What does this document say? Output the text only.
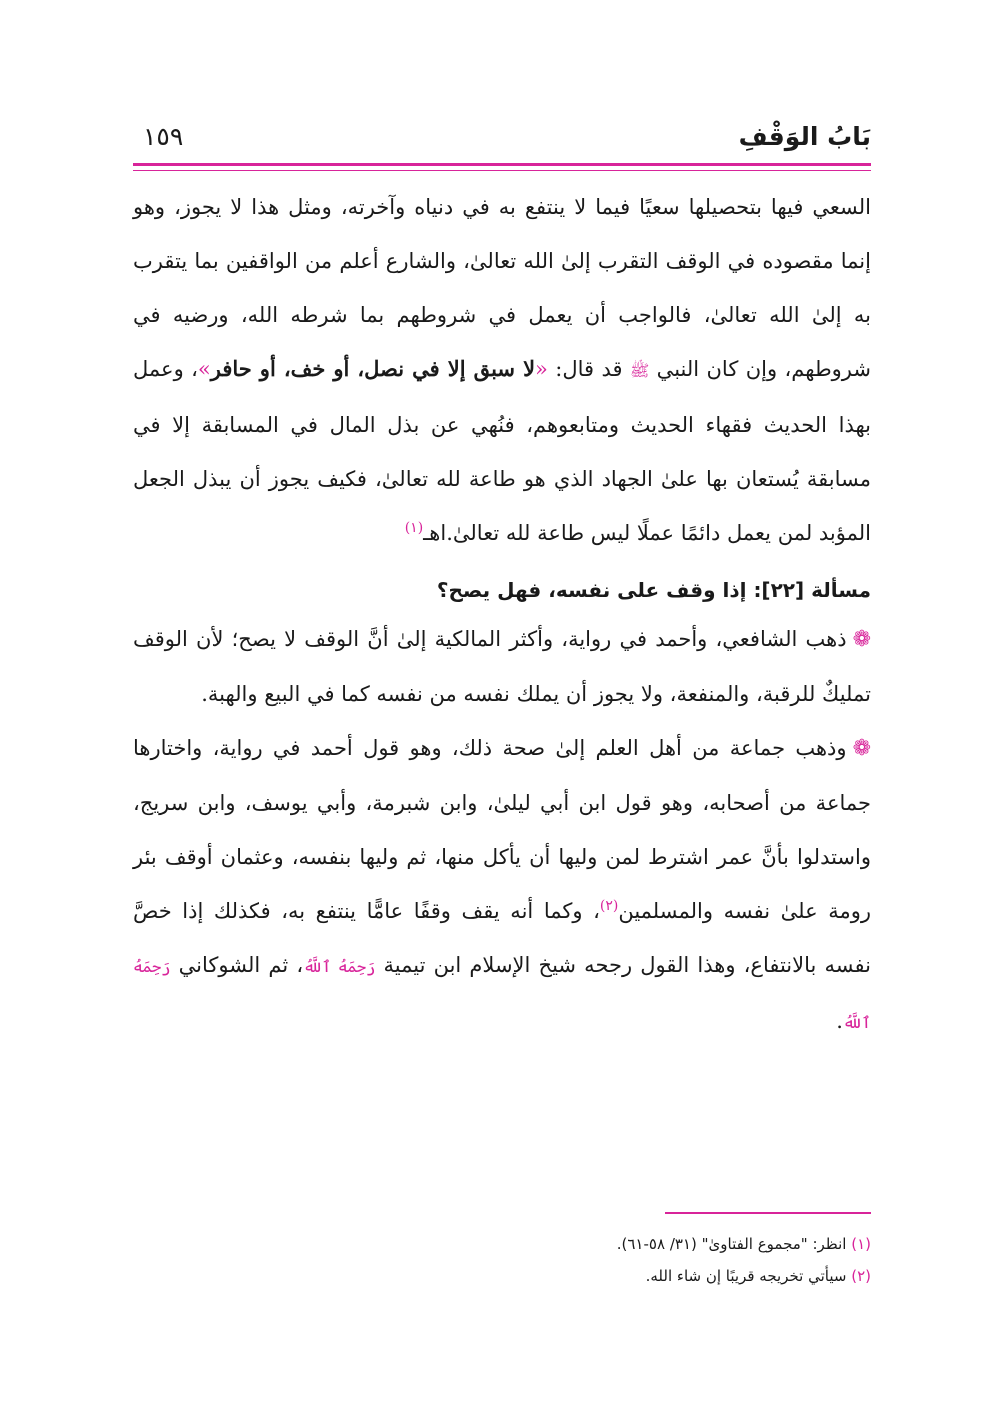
بَابُ الوَقْفِ
١٥٩

السعي فيها بتحصيلها سعيًا فيما لا ينتفع به في دنياه وآخرته، ومثل هذا لا يجوز، وهو إنما مقصوده في الوقف التقرب إلىٰ الله تعالىٰ، والشارع أعلم من الواقفين بما يتقرب به إلىٰ الله تعالىٰ، فالواجب أن يعمل في شروطهم بما شرطه الله، ورضيه في شروطهم، وإن كان النبي ﷺ قد قال: «لا سبق إلا في نصل، أو خف، أو حافر»، وعمل بهذا الحديث فقهاء الحديث ومتابعوهم، فنُهي عن بذل المال في المسابقة إلا في مسابقة يُستعان بها علىٰ الجهاد الذي هو طاعة لله تعالىٰ، فكيف يجوز أن يبذل الجعل المؤبد لمن يعمل دائمًا عملًا ليس طاعة لله تعالىٰ.اهـ$^{(١)}$

مسألة [٢٢]: إذا وقف على نفسه، فهل يصح؟

❁ذهب الشافعي، وأحمد في رواية، وأكثر المالكية إلىٰ أنَّ الوقف لا يصح؛ لأن الوقف تمليكٌ للرقبة، والمنفعة، ولا يجوز أن يملك نفسه من نفسه كما في البيع والهبة.

❁وذهب جماعة من أهل العلم إلىٰ صحة ذلك، وهو قول أحمد في رواية، واختارها جماعة من أصحابه، وهو قول ابن أبي ليلىٰ، وابن شبرمة، وأبي يوسف، وابن سريج، واستدلوا بأنَّ عمر اشترط لمن وليها أن يأكل منها، ثم وليها بنفسه، وعثمان أوقف بئر رومة علىٰ نفسه والمسلمين$^{(٢)}$، وكما أنه يقف وقفًا عامًّا ينتفع به، فكذلك إذا خصَّ نفسه بالانتفاع، وهذا القول رجحه شيخ الإسلام ابن تيمية رَحِمَهُ ٱللَّهُ، ثم الشوكاني رَحِمَهُ ٱللَّهُ.

(١) انظر: "مجموع الفتاوىٰ" (٣١/ ٥٨-٦١).

(٢) سيأتي تخريجه قريبًا إن شاء الله.
